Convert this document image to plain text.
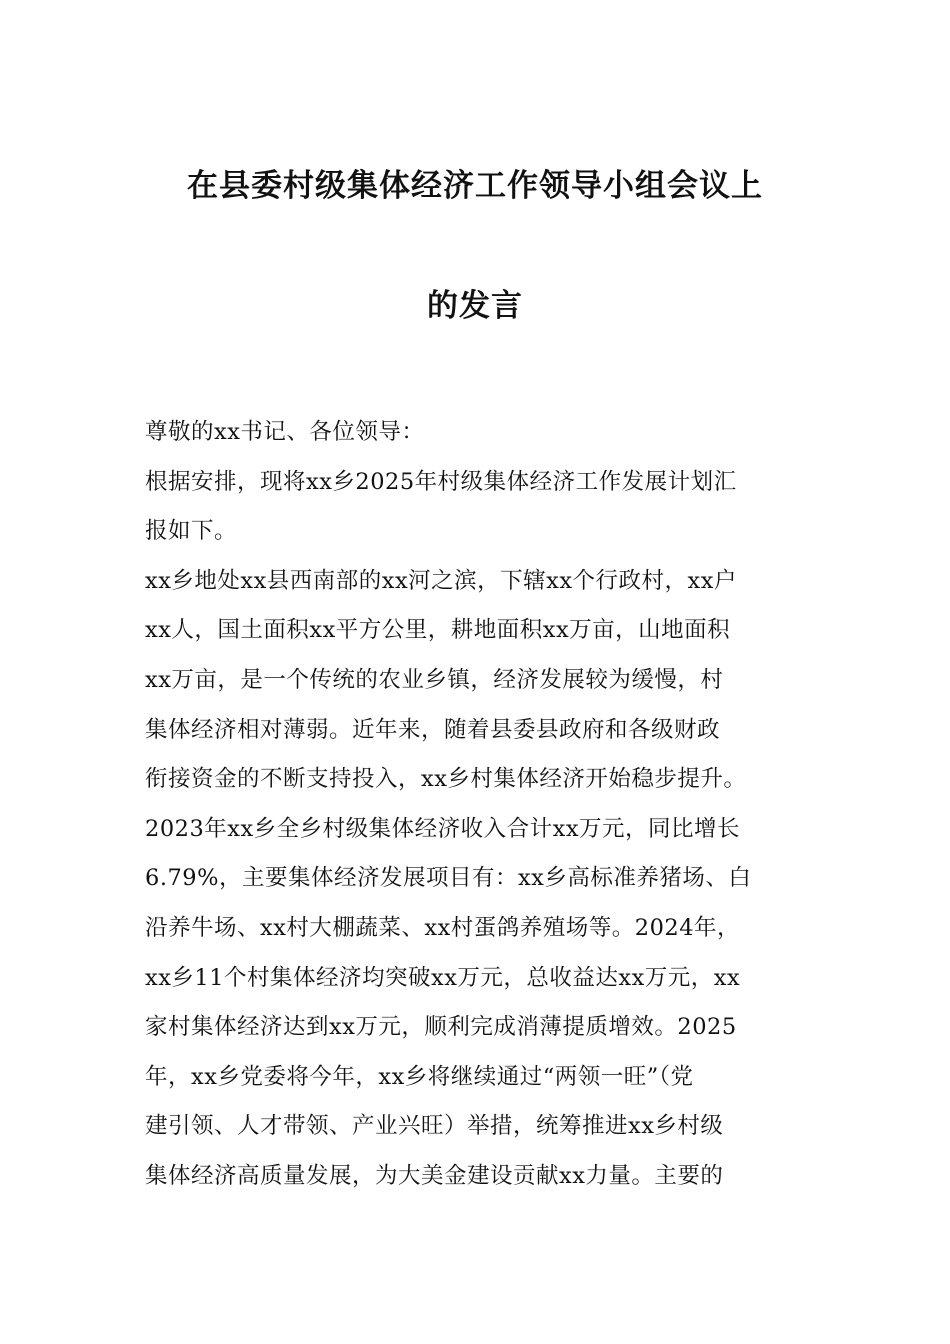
在县委村级集体经济工作领导小组会议上
的发言
尊敬的xx书记、各位领导：
根据安排，现将xx乡2025年村级集体经济工作发展计划汇
报如下。
xx乡地处xx县西南部的xx河之滨，下辖xx个行政村，xx户
xx人，国土面积xx平方公里，耕地面积xx万亩，山地面积
xx万亩，是一个传统的农业乡镇，经济发展较为缓慢，村
集体经济相对薄弱。近年来，随着县委县政府和各级财政
衔接资金的不断支持投入，xx乡村集体经济开始稳步提升。
2023年xx乡全乡村级集体经济收入合计xx万元，同比增长
6.79%，主要集体经济发展项目有：xx乡高标准养猪场、白
沿养牛场、xx村大棚蔬菜、xx村蛋鸽养殖场等。2024年，
xx乡11个村集体经济均突破xx万元，总收益达xx万元，xx
家村集体经济达到xx万元，顺利完成消薄提质增效。2025
年，xx乡党委将今年，xx乡将继续通过“两领一旺”（党
建引领、人才带领、产业兴旺）举措，统筹推进xx乡村级
集体经济高质量发展，为大美金建设贡献xx力量。主要的
